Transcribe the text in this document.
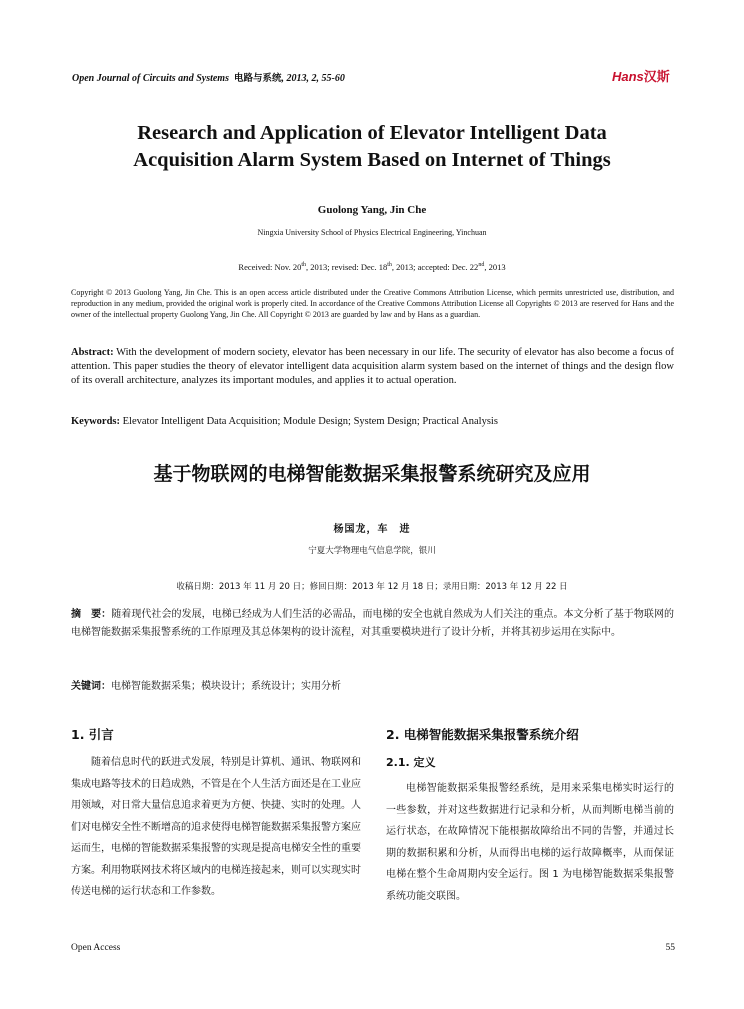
Open Journal of Circuits and Systems 电路与系统, 2013, 2, 55-60	Hans汉斯
Research and Application of Elevator Intelligent Data
Acquisition Alarm System Based on Internet of Things
Guolong Yang, Jin Che
Ningxia University School of Physics Electrical Engineering, Yinchuan
Received: Nov. 20th, 2013; revised: Dec. 18th, 2013; accepted: Dec. 22nd, 2013
Copyright © 2013 Guolong Yang, Jin Che. This is an open access article distributed under the Creative Commons Attribution License, which permits unrestricted use, distribution, and reproduction in any medium, provided the original work is properly cited. In accordance of the Creative Commons Attribution License all Copyrights © 2013 are reserved for Hans and the owner of the intellectual property Guolong Yang, Jin Che. All Copyright © 2013 are guarded by law and by Hans as a guardian.
Abstract: With the development of modern society, elevator has been necessary in our life. The security of elevator has also become a focus of attention. This paper studies the theory of elevator intelligent data acquisition alarm system based on the internet of things and the design flow of its overall architecture, analyzes its important modules, and applies it to actual operation.
Keywords: Elevator Intelligent Data Acquisition; Module Design; System Design; Practical Analysis
基于物联网的电梯智能数据采集报警系统研究及应用
杨国龙，车　进
宁夏大学物理电气信息学院，银川
收稿日期：2013 年 11 月 20 日；修回日期：2013 年 12 月 18 日；录用日期：2013 年 12 月 22 日
摘　要：随着现代社会的发展，电梯已经成为人们生活的必需品，而电梯的安全也就自然成为人们关注的重点。本文分析了基于物联网的电梯智能数据采集报警系统的工作原理及其总体架构的设计流程，对其重要模块进行了设计分析，并将其初步运用在实际中。
关键词：电梯智能数据采集；模块设计；系统设计；实用分析
1. 引言
随着信息时代的跃进式发展，特别是计算机、通讯、物联网和集成电路等技术的日趋成熟，不管是在个人生活方面还是在工业应用领域，对日常大量信息追求着更为方便、快捷、实时的处理。人们对电梯安全性不断增高的追求使得电梯智能数据采集报警方案应运而生，电梯的智能数据采集报警的实现是提高电梯安全性的重要方案。利用物联网技术将区域内的电梯连接起来，则可以实现实时传送电梯的运行状态和工作参数。
2. 电梯智能数据采集报警系统介绍
2.1. 定义
电梯智能数据采集报警经系统，是用来采集电梯实时运行的一些参数，并对这些数据进行记录和分析，从而判断电梯当前的运行状态，在故障情况下能根据故障给出不同的告警，并通过长期的数据积累和分析，从而得出电梯的运行故障概率，从而保证电梯在整个生命周期内安全运行。图 1 为电梯智能数据采集报警系统功能交联图。
Open Access	55
